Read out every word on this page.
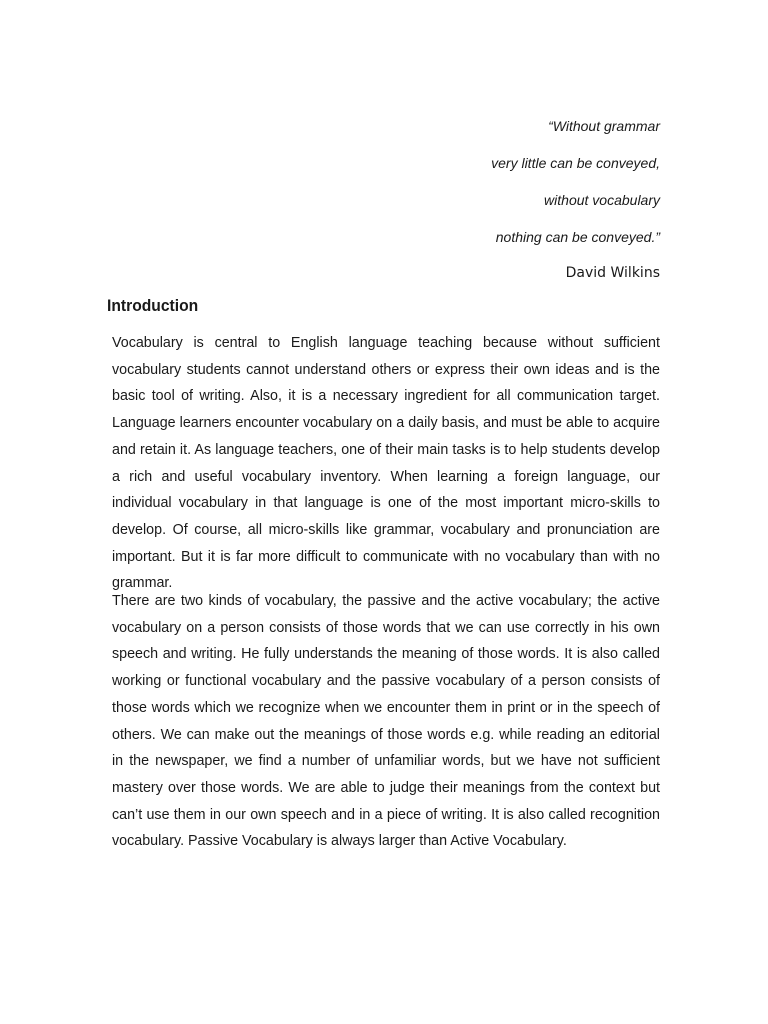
“Without grammar
very little can be conveyed,
without vocabulary
nothing can be conveyed.”
David Wilkins
Introduction

Vocabulary is central to English language teaching because without sufficient vocabulary students cannot understand others or express their own ideas and is the basic tool of writing. Also, it is a necessary ingredient for all communication target. Language learners encounter vocabulary on a daily basis, and must be able to acquire and retain it. As language teachers, one of their main tasks is to help students develop a rich and useful vocabulary inventory. When learning a foreign language, our individual vocabulary in that language is one of the most important micro-skills to develop. Of course, all micro-skills like grammar, vocabulary and pronunciation are important. But it is far more difficult to communicate with no vocabulary than with no grammar.

There are two kinds of vocabulary, the passive and the active vocabulary; the active vocabulary on a person consists of those words that we can use correctly in his own speech and writing. He fully understands the meaning of those words. It is also called working or functional vocabulary and the passive vocabulary of a person consists of those words which we recognize when we encounter them in print or in the speech of others. We can make out the meanings of those words e.g. while reading an editorial in the newspaper, we find a number of unfamiliar words, but we have not sufficient mastery over those words. We are able to judge their meanings from the context but can’t use them in our own speech and in a piece of writing. It is also called recognition vocabulary. Passive Vocabulary is always larger than Active Vocabulary.
